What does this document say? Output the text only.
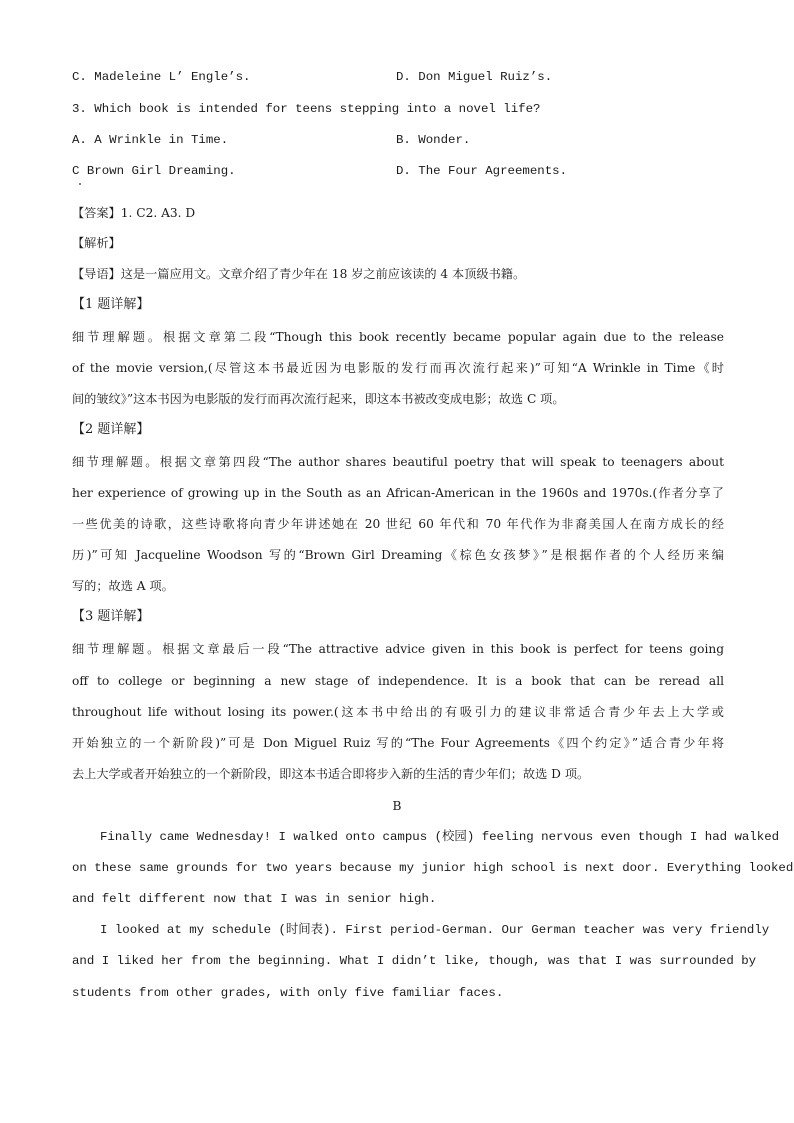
C. Madeleine L’ Engle’s.	D. Don Miguel Ruiz’s.
3. Which book is intended for teens stepping into a novel life?
A. A Wrinkle in Time.	B. Wonder.
C Brown Girl Dreaming.	D. The Four Agreements.
【答案】1. C2. A3. D
【解析】
【导语】这是一篇应用文。文章介绍了青少年在 18 岁之前应该读的 4 本顶级书籍。
【1 题详解】
细节理解题。根据文章第二段“Though this book recently became popular again due to the release
of the movie version,(尽管这本书最近因为电影版的发行而再次流行起来)”可知“A Wrinkle in Time《时
间的皱纹》”这本书因为电影版的发行而再次流行起来，即这本书被改变成电影；故选 C 项。
【2 题详解】
细节理解题。根据文章第四段“The author shares beautiful poetry that will speak to teenagers about
her experience of growing up in the South as an African-American in the 1960s and 1970s.(作者分享了
一些优美的诗歌，这些诗歌将向青少年讲述她在 20 世纪 60 年代和 70 年代作为非裔美国人在南方成长的经
历)”可知 Jacqueline Woodson 写的“Brown Girl Dreaming《棕色女孩梦》”是根据作者的个人经历来编
写的；故选 A 项。
【3 题详解】
细节理解题。根据文章最后一段“The attractive advice given in this book is perfect for teens going
off to college or beginning a new stage of independence. It is a book that can be reread all
throughout life without losing its power.(这本书中给出的有吸引力的建议非常适合青少年去上大学或
开始独立的一个新阶段)”可是 Don Miguel Ruiz 写的“The Four Agreements《四个约定》”适合青少年将
去上大学或者开始独立的一个新阶段，即这本书适合即将步入新的生活的青少年们；故选 D 项。
B
Finally came Wednesday! I walked onto campus (校园) feeling nervous even though I had walked
on these same grounds for two years because my junior high school is next door. Everything looked
and felt different now that I was in senior high.
I looked at my schedule (时间表). First period-German. Our German teacher was very friendly
and I liked her from the beginning. What I didn’t like, though, was that I was surrounded by
students from other grades, with only five familiar faces.
